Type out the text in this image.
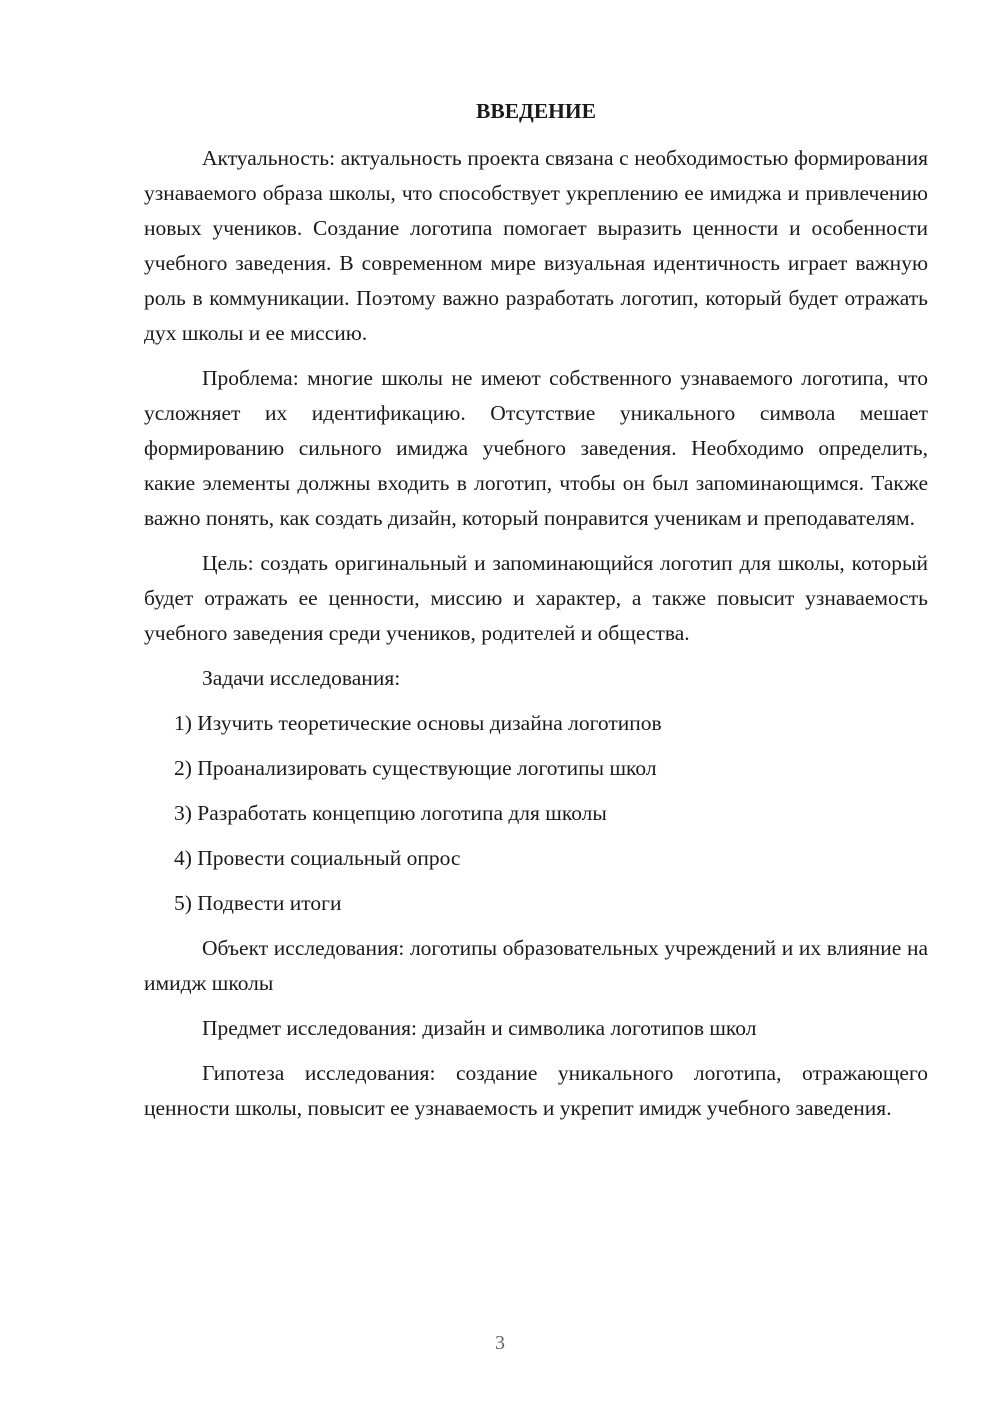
ВВЕДЕНИЕ

Актуальность: актуальность проекта связана с необходимостью формирования узнаваемого образа школы, что способствует укреплению ее имиджа и привлечению новых учеников. Создание логотипа помогает выразить ценности и особенности учебного заведения. В современном мире визуальная идентичность играет важную роль в коммуникации. Поэтому важно разработать логотип, который будет отражать дух школы и ее миссию.

Проблема: многие школы не имеют собственного узнаваемого логотипа, что усложняет их идентификацию. Отсутствие уникального символа мешает формированию сильного имиджа учебного заведения. Необходимо определить, какие элементы должны входить в логотип, чтобы он был запоминающимся. Также важно понять, как создать дизайн, который понравится ученикам и преподавателям.

Цель: создать оригинальный и запоминающийся логотип для школы, который будет отражать ее ценности, миссию и характер, а также повысит узнаваемость учебного заведения среди учеников, родителей и общества.

Задачи исследования:

1) Изучить теоретические основы дизайна логотипов
2) Проанализировать существующие логотипы школ
3) Разработать концепцию логотипа для школы
4) Провести социальный опрос
5) Подвести итоги

Объект исследования: логотипы образовательных учреждений и их влияние на имидж школы

Предмет исследования: дизайн и символика логотипов школ

Гипотеза исследования: создание уникального логотипа, отражающего ценности школы, повысит ее узнаваемость и укрепит имидж учебного заведения.

3
